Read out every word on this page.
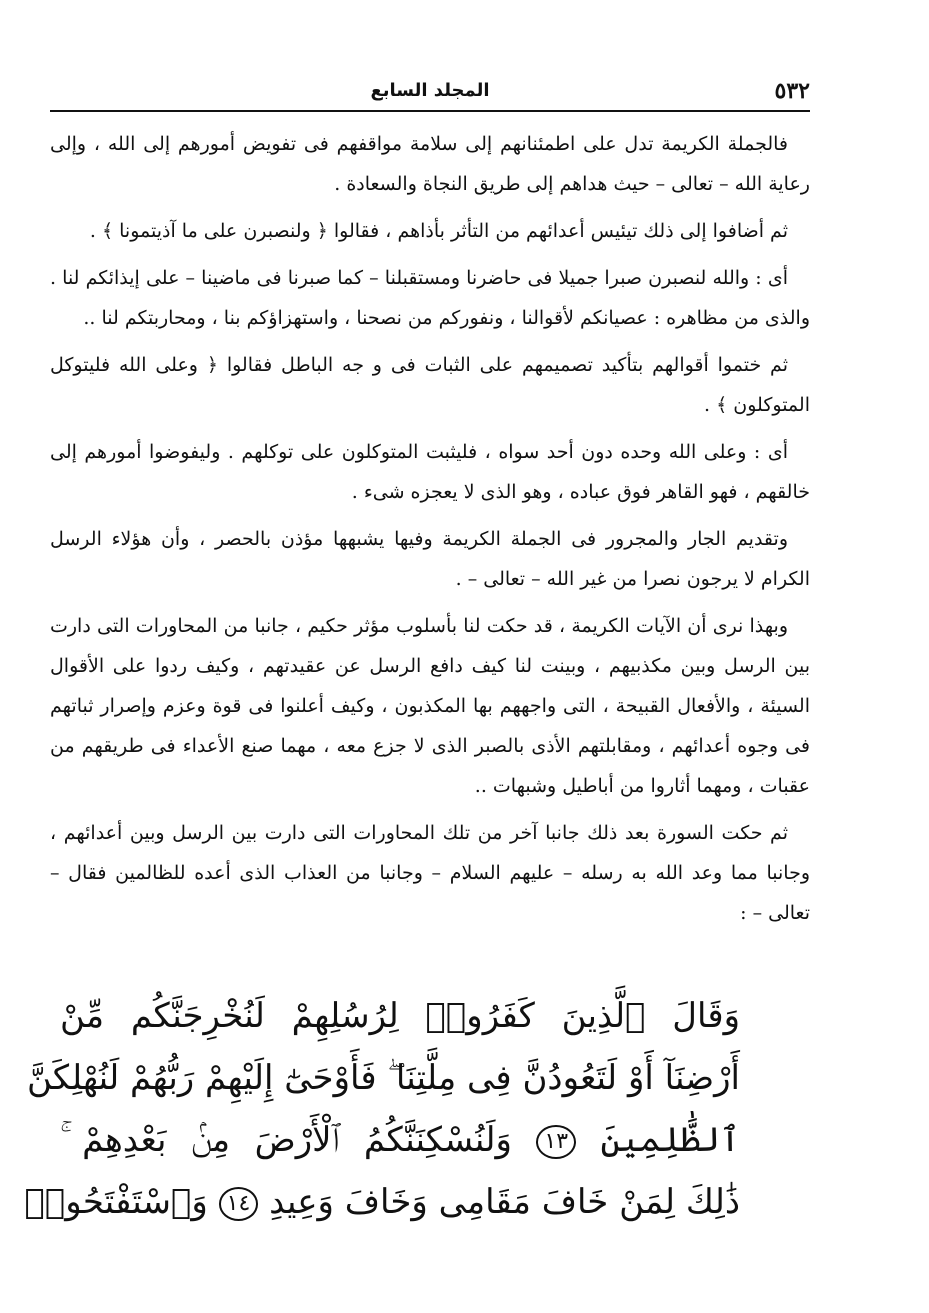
٥٣٢
المجلد السابع

فالجملة الكريمة تدل على اطمئنانهم إلى سلامة مواقفهم فى تفويض أمورهم إلى الله ، وإلى رعاية الله – تعالى – حيث هداهم إلى طريق النجاة والسعادة .

ثم أضافوا إلى ذلك تيئيس أعدائهم من التأثر بأذاهم ، فقالوا ﴿ ولنصبرن على ما آذيتمونا ﴾ .

أى : والله لنصبرن صبرا جميلا فى حاضرنا ومستقبلنا – كما صبرنا فى ماضينا – على إيذائكم لنا . والذى من مظاهره : عصيانكم لأقوالنا ، ونفوركم من نصحنا ، واستهزاؤكم بنا ، ومحاربتكم لنا ..

ثم ختموا أقوالهم بتأكيد تصميمهم على الثبات فى و جه الباطل فقالوا ﴿ وعلى الله فليتوكل المتوكلون ﴾ .

أى : وعلى الله وحده دون أحد سواه ، فليثبت المتوكلون على توكلهم . وليفوضوا أمورهم إلى خالقهم ، فهو القاهر فوق عباده ، وهو الذى لا يعجزه شىء .

وتقديم الجار والمجرور فى الجملة الكريمة وفيها يشبهها مؤذن بالحصر ، وأن هؤلاء الرسل الكرام لا يرجون نصرا من غير الله – تعالى – .

وبهذا نرى أن الآيات الكريمة ، قد حكت لنا بأسلوب مؤثر حكيم ، جانبا من المحاورات التى دارت بين الرسل وبين مكذبيهم ، وبينت لنا كيف دافع الرسل عن عقيدتهم ، وكيف ردوا على الأقوال السيئة ، والأفعال القبيحة ، التى واجههم بها المكذبون ، وكيف أعلنوا فى قوة وعزم وإصرار ثباتهم فى وجوه أعدائهم ، ومقابلتهم الأذى بالصبر الذى لا جزع معه ، مهما صنع الأعداء فى طريقهم من عقبات ، ومهما أثاروا من أباطيل وشبهات ..

ثم حكت السورة بعد ذلك جانبا آخر من تلك المحاورات التى دارت بين الرسل وبين أعدائهم ، وجانبا مما وعد الله به رسله – عليهم السلام – وجانبا من العذاب الذى أعده للظالمين فقال – تعالى – :

وَقَالَ ٱلَّذِينَ كَفَرُوا۟ لِرُسُلِهِمْ لَنُخْرِجَنَّكُم مِّنْ
أَرْضِنَآ أَوْ لَتَعُودُنَّ فِى مِلَّتِنَا ۖ فَأَوْحَىٰٓ إِلَيْهِمْ رَبُّهُمْ لَنُهْلِكَنَّ
ٱلظَّٰلِمِينَ ١٣ وَلَنُسْكِنَنَّكُمُ ٱلْأَرْضَ مِنۢ بَعْدِهِمْ ۚ
ذَٰلِكَ لِمَنْ خَافَ مَقَامِى وَخَافَ وَعِيدِ ١٤ وَٱسْتَفْتَحُوا۟
